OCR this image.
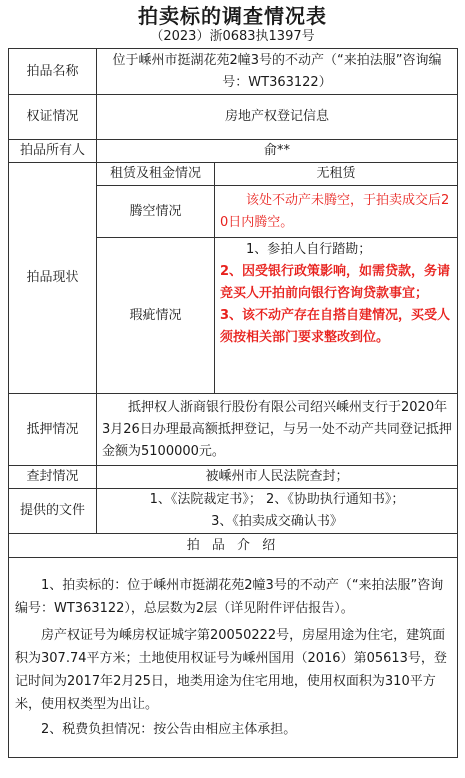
拍卖标的调查情况表
（2023）浙0683执1397号
拍品名称	位于嵊州市挺湖花苑2幢3号的不动产（“来拍法服”咨询编号：WT363122）	
权证情况	房地产权登记信息	
拍品所有人	俞**	
拍品现状	租赁及租金情况	无租赁
	腾空情况	该处不动产未腾空，于拍卖成交后20日内腾空。
	瑕疵情况	1、参拍人自行踏勘；
2、因受银行政策影响，如需贷款，务请竞买人开拍前向银行咨询贷款事宜；
3、该不动产存在自搭自建情况，买受人须按相关部门要求整改到位。

抵押情况	抵押权人浙商银行股份有限公司绍兴嵊州支行于2020年3月26日办理最高额抵押登记，与另一处不动产共同登记抵押金额为5100000元。	
查封情况	被嵊州市人民法院查封；	
提供的文件	1、《法院裁定书》； 2、《协助执行通知书》；
3、《拍卖成交确认书》	

拍 品 介 绍		

1、拍卖标的：位于嵊州市挺湖花苑2幢3号的不动产（“来拍法服”咨询编号：WT363122），总层数为2层（详见附件评估报告）。

房产权证号为嵊房权证城字第20050222号，房屋用途为住宅，建筑面积为307.74平方米；土地使用权证号为嵊州国用（2016）第05613号，登记时间为2017年2月25日，地类用途为住宅用地，使用权面积为310平方米，使用权类型为出让。

2、税费负担情况：按公告由相应主体承担。		
